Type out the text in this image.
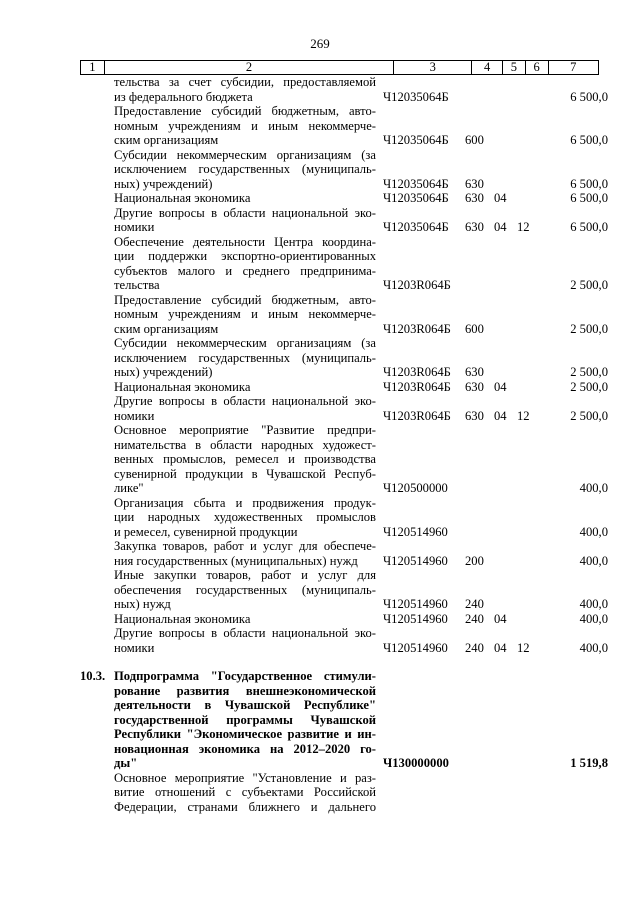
269
1	2	3	4	5	6	7
тельства за счет субсидии, предоставляемой
из федерального бюджета	Ч12035064Б	6 500,0
Предоставление субсидий бюджетным, авто-
номным учреждениям и иным некоммерче-
ским организациям	Ч12035064Б	600	6 500,0
Субсидии некоммерческим организациям (за
исключением государственных (муниципаль-
ных) учреждений)	Ч12035064Б	630	6 500,0
Национальная экономика	Ч12035064Б	630 04	6 500,0
Другие вопросы в области национальной эко-
номики	Ч12035064Б	630 04 12	6 500,0
Обеспечение деятельности Центра координа-
ции поддержки экспортно-ориентированных
субъектов малого и среднего предпринима-
тельства	Ч1203R064Б	2 500,0
Предоставление субсидий бюджетным, авто-
номным учреждениям и иным некоммерче-
ским организациям	Ч1203R064Б	600	2 500,0
Субсидии некоммерческим организациям (за
исключением государственных (муниципаль-
ных) учреждений)	Ч1203R064Б	630	2 500,0
Национальная экономика	Ч1203R064Б	630 04	2 500,0
Другие вопросы в области национальной эко-
номики	Ч1203R064Б	630 04 12	2 500,0
Основное мероприятие "Развитие предпри-
нимательства в области народных художест-
венных промыслов, ремесел и производства
сувенирной продукции в Чувашской Респуб-
лике"	Ч120500000	400,0
Организация сбыта и продвижения продук-
ции народных художественных промыслов
и ремесел, сувенирной продукции	Ч120514960	400,0
Закупка товаров, работ и услуг для обеспече-
ния государственных (муниципальных) нужд	Ч120514960	200	400,0
Иные закупки товаров, работ и услуг для
обеспечения государственных (муниципаль-
ных) нужд	Ч120514960	240	400,0
Национальная экономика	Ч120514960	240 04	400,0
Другие вопросы в области национальной эко-
номики	Ч120514960	240 04 12	400,0
10.3. Подпрограмма "Государственное стимули-
рование развития внешнеэкономической
деятельности в Чувашской Республике"
государственной программы Чувашской
Республики "Экономическое развитие и ин-
новационная экономика на 2012–2020 го-
ды"	Ч130000000	1 519,8
Основное мероприятие "Установление и раз-
витие отношений с субъектами Российской
Федерации, странами ближнего и дальнего
